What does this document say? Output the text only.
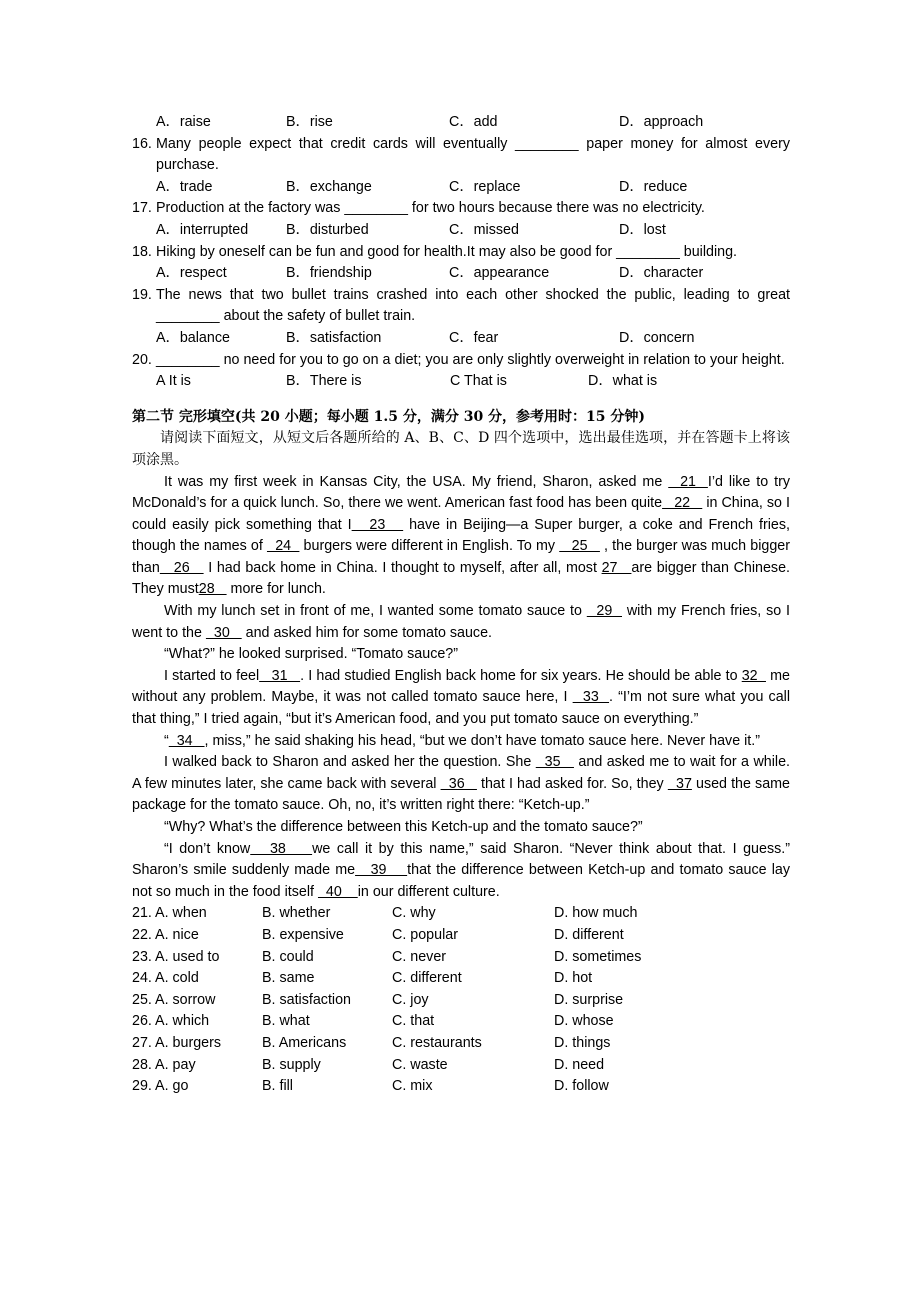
A．raise	B．rise	C．add	D．approach
16. Many people expect that credit cards will eventually ________ paper money for almost every purchase.
A．trade	B．exchange	C．replace	D．reduce
17. Production at the factory was ________ for two hours because there was no electricity.
A．interrupted	B．disturbed	C．missed	D．lost
18. Hiking by oneself can be fun and good for health.It may also be good for ________ building.
A．respect	B．friendship	C．appearance	D．character
19. The news that two bullet trains crashed into each other shocked the public, leading to great ________ about the safety of bullet train.
A．balance	B．satisfaction	C．fear	D．concern
20. ________ no need for you to go on a diet; you are only slightly overweight in relation to your height.
A It is	B．There is	C That is	D．what is
第二节 完形填空(共 20 小题；每小题 1.5 分，满分 30 分，参考用时：15 分钟)
请阅读下面短文，从短文后各题所给的 A、B、C、D 四个选项中，选出最佳选项，并在答题卡上将该项涂黑。
It was my first week in Kansas City, the USA. My friend, Sharon, asked me   21  I’d like to try McDonald’s for a quick lunch. So, there we went. American fast food has been quite   22    in China, so I could easily pick something that I   23    have in Beijing—a Super burger, a coke and French fries, though the names of   24   burgers were different in English. To my    25    , the burger was much bigger than   26    I had back home in China. I thought to myself, after all, most 27   are bigger than Chinese. They must28    more for lunch.
With my lunch set in front of me, I wanted some tomato sauce to   29   with my French fries, so I went to the   30    and asked him for some tomato sauce.
“What?” he looked surprised. “Tomato sauce?”
I started to feel   31   . I had studied English back home for six years. He should be able to 32   me without any problem. Maybe, it was not called tomato sauce here, I   33  . “I’m not sure what you call that thing,” I tried again, “but it’s American food, and you put tomato sauce on everything.”
“  34   , miss,” he said shaking his head, “but we don’t have tomato sauce here. Never have it.”
I walked back to Sharon and asked her the question. She   35    and asked me to wait for a while. A few minutes later, she came back with several   36    that I had asked for. So, they   37 used the same package for the tomato sauce. Oh, no, it’s written right there: “Ketch-up.”
“Why? What’s the difference between this Ketch-up and the tomato sauce?”
“I don’t know   38    we call it by this name,” said Sharon. “Never think about that. I guess.” Sharon’s smile suddenly made me   39    that the difference between Ketch-up and tomato sauce lay not so much in the food itself   40    in our different culture.
21. A. when	B. whether	C. why	D. how much
22. A. nice	B. expensive	C. popular	D. different
23. A. used to	B. could	C. never	D. sometimes
24. A. cold	B. same	C. different	D. hot
25. A. sorrow	B. satisfaction	C. joy	D. surprise
26. A. which	B. what	C. that	D. whose
27. A. burgers	B. Americans	C. restaurants	D. things
28. A. pay	B. supply	C. waste	D. need
29. A. go	B. fill	C. mix	D. follow
